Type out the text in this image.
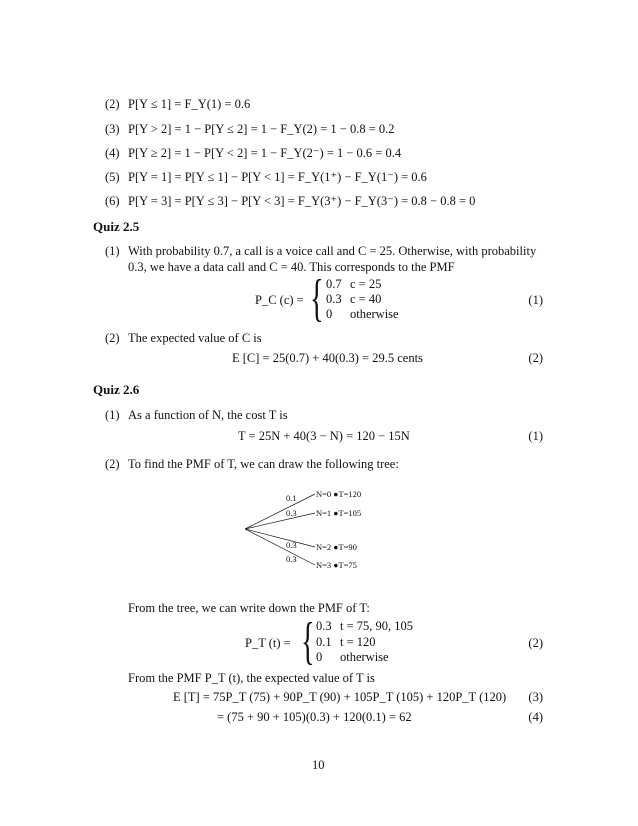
(2) P[Y ≤ 1] = F_Y(1) = 0.6
(3) P[Y > 2] = 1 − P[Y ≤ 2] = 1 − F_Y(2) = 1 − 0.8 = 0.2
(4) P[Y ≥ 2] = 1 − P[Y < 2] = 1 − F_Y(2⁻) = 1 − 0.6 = 0.4
(5) P[Y = 1] = P[Y ≤ 1] − P[Y < 1] = F_Y(1⁺) − F_Y(1⁻) = 0.6
(6) P[Y = 3] = P[Y ≤ 3] − P[Y < 3] = F_Y(3⁺) − F_Y(3⁻) = 0.8 − 0.8 = 0
Quiz 2.5
(1) With probability 0.7, a call is a voice call and C = 25. Otherwise, with probability
0.3, we have a data call and C = 40. This corresponds to the PMF
P_C (c) = { 0.7 c = 25
0.3 c = 40
0 otherwise
(1)
(2) The expected value of C is
E [C] = 25(0.7) + 40(0.3) = 29.5 cents	(2)
Quiz 2.6
(1) As a function of N, the cost T is
T = 25N + 40(3 − N) = 120 − 15N	(1)
(2) To find the PMF of T, we can draw the following tree:
0.1
0.3
0.3
0.3
N=0 ●T=120
N=1 ●T=105
N=2 ●T=90
N=3 ●T=75
From the tree, we can write down the PMF of T:
P_T (t) = { 0.3 t = 75, 90, 105
0.1 t = 120
0 otherwise
(2)
From the PMF P_T (t), the expected value of T is
E [T] = 75P_T (75) + 90P_T (90) + 105P_T (105) + 120P_T (120) (3)
= (75 + 90 + 105)(0.3) + 120(0.1) = 62	(4)
10
